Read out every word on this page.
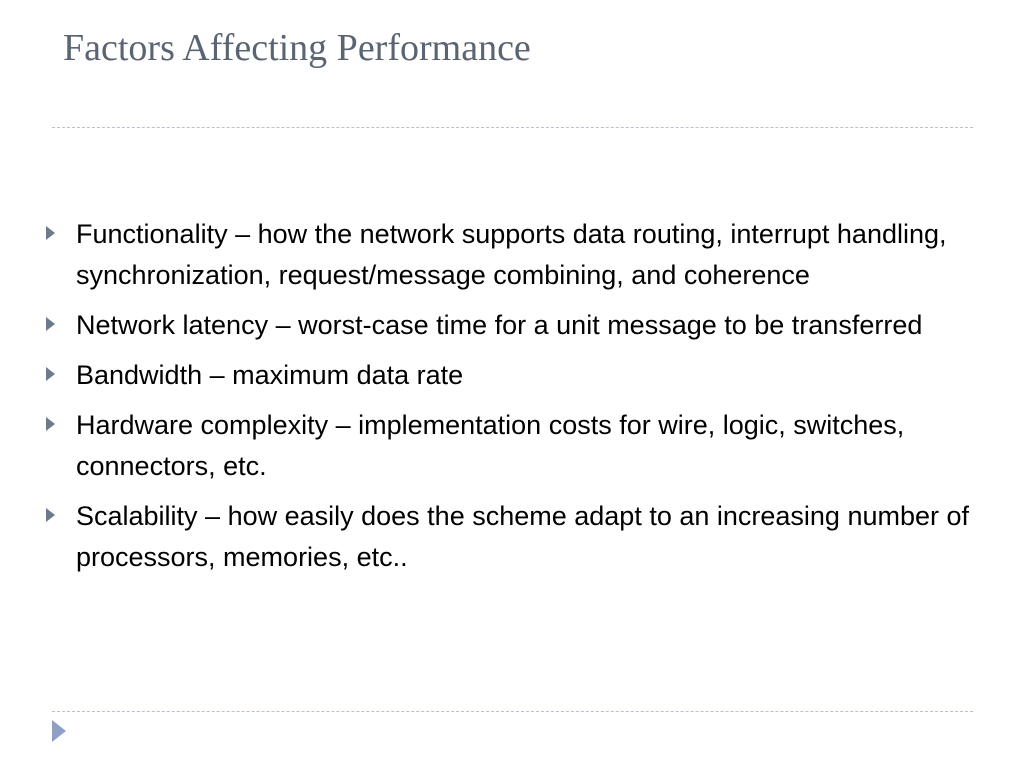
Factors Affecting Performance
Functionality – how the network supports data routing, interrupt handling, synchronization, request/message combining, and coherence
Network latency – worst-case time for a unit message to be transferred
Bandwidth – maximum data rate
Hardware complexity – implementation costs for wire, logic, switches, connectors, etc.
Scalability – how easily does the scheme adapt to an increasing number of processors, memories, etc..
